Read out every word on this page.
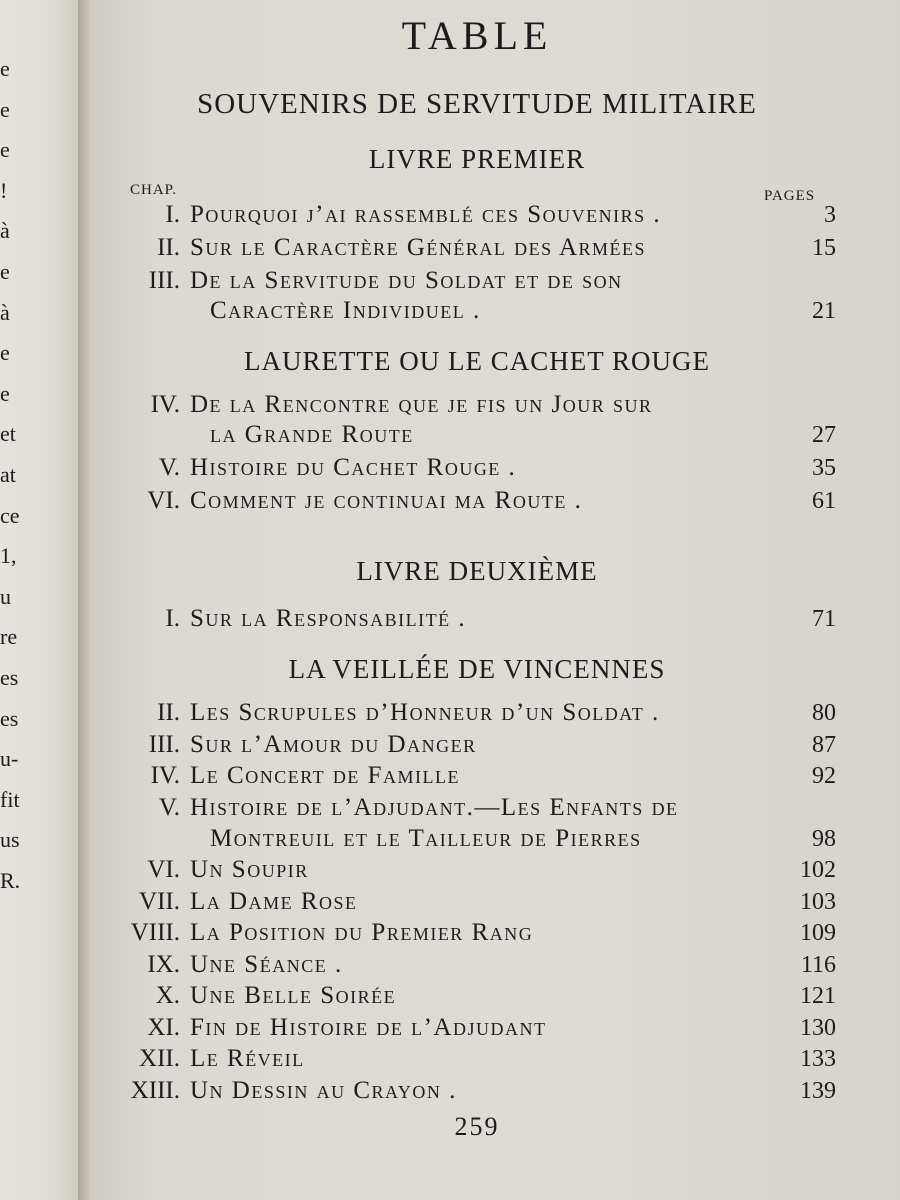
e
e
e
!
à
e
à
e
e
et
at
ce
1,
u
re
es
es
u-
fit
us
R.
TABLE
SOUVENIRS DE SERVITUDE MILITAIRE
LIVRE PREMIER
CHAP.	PAGES
I. Pourquoi j’ai rassemblé ces Souvenirs .	3
II. Sur le Caractère Général des Armées	15
III. De la Servitude du Soldat et de son
Caractère Individuel .	21
LAURETTE OU LE CACHET ROUGE
IV. De la Rencontre que je fis un Jour sur
la Grande Route	27
V. Histoire du Cachet Rouge .	35
VI. Comment je continuai ma Route .	61
LIVRE DEUXIÈME
I. Sur la Responsabilité .	71
LA VEILLÉE DE VINCENNES
II. Les Scrupules d’Honneur d’un Soldat .	80
III. Sur l’Amour du Danger	87
IV. Le Concert de Famille	92
V. Histoire de l’Adjudant.—Les Enfants de
Montreuil et le Tailleur de Pierres	98
VI. Un Soupir	102
VII. La Dame Rose	103
VIII. La Position du Premier Rang	109
IX. Une Séance .	116
X. Une Belle Soirée	121
XI. Fin de Histoire de l’Adjudant	130
XII. Le Réveil	133
XIII. Un Dessin au Crayon .	139
259
